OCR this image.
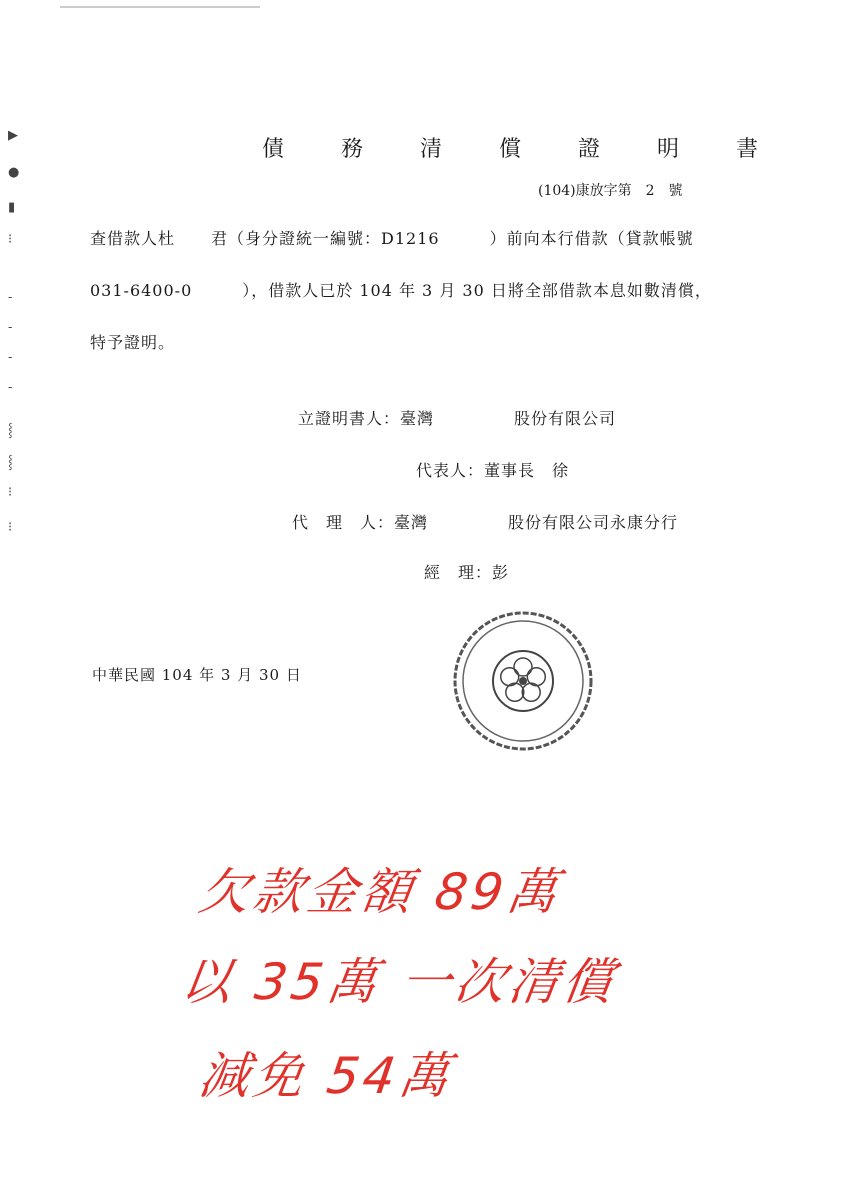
▶
●
▮
⁝
-
-
-
-
⸾
⸾
⁝
⁝
債 務 清 償 證 明 書
(104)康放字第　2　號
查借款人杜 君（身分證統一編號：D1216	）前向本行借款（貸款帳號
031-6400-0	），借款人已於 104 年 3 月 30 日將全部借款本息如數清償，
特予證明。
立證明書人：臺灣	股份有限公司
代表人：董事長　徐
代　理　人：臺灣	股份有限公司永康分行
經　理：彭
中華民國 104 年 3 月 30 日
欠款金額 89萬
以 35萬 一次清償
減免 54萬
